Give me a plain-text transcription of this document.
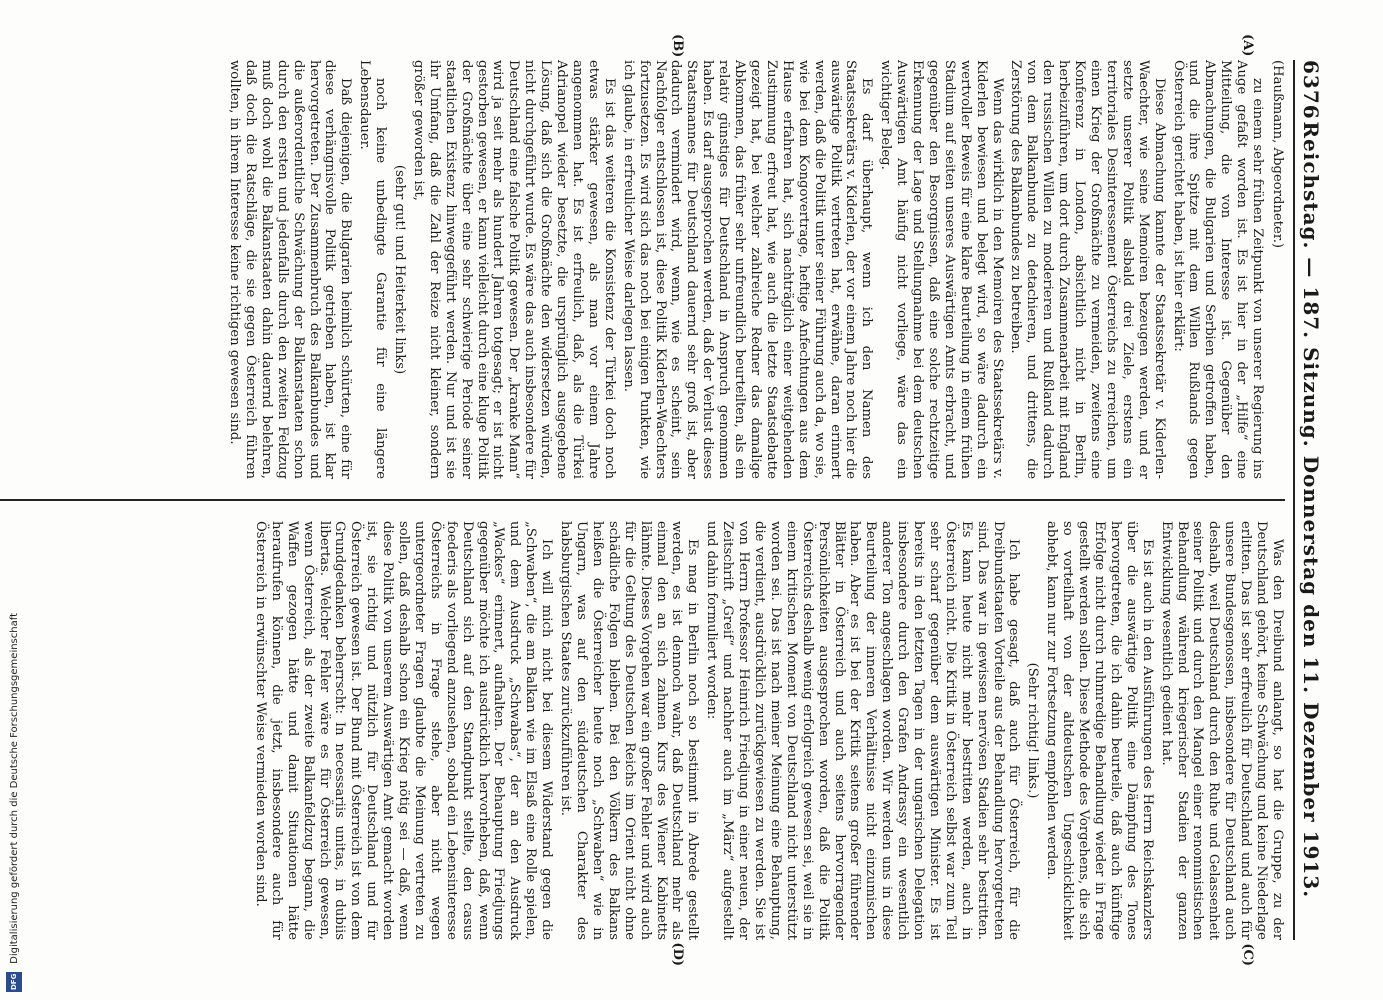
6376
Reichstag. — 187. Sitzung. Donnerstag den 11. Dezember 1913.
(A)
(B)
(Haußmann, Abgeordneter.)

zu einem sehr frühen Zeitpunkt von unserer Regierung ins Auge gefaßt worden ist. Es ist hier in der „Hilfe“ eine Mitteilung, die von Interesse ist. Gegenüber den Abmachungen, die Bulgarien und Serbien getroffen haben, und die ihre Spitze mit dem Willen Rußlands gegen Österreich gerichtet haben, ist hier erklärt:

Diese Abmachung kannte der Staatssekretär v. Kiderlen-Waechter, wie seine Memoiren bezeugen werden, und er setzte unserer Politik alsbald drei Ziele, erstens ein territoriales Desinteressement Österreichs zu erreichen, um einen Krieg der Großmächte zu vermeiden, zweitens eine Konferenz in London, absichtlich nicht in Berlin, herbeizuführen, um dort durch Zusammenarbeit mit England den russischen Willen zu moderieren und Rußland dadurch von dem Balkanbunde zu detachieren, und drittens, die Zerstörung des Balkanbundes zu betreiben.

Wenn das wirklich in den Memoiren des Staatssekretärs v. Kiderlen bewiesen und belegt wird, so wäre dadurch ein wertvoller Beweis für eine klare Beurteilung in einem frühen Stadium auf seiten unseres Auswärtigen Amts erbracht, und gegenüber den Besorgnissen, daß eine solche rechtzeitige Erkennung der Lage und Stellungnahme bei dem deutschen Auswärtigen Amt häufig nicht vorliege, wäre das ein wichtiger Beleg.

Es darf überhaupt, wenn ich den Namen des Staatssekretärs v. Kiderlen, der vor einem Jahre noch hier die auswärtige Politik vertreten hat, erwähne, daran erinnert werden, daß die Politik unter seiner Führung auch da, wo sie, wie bei dem Kongovertrage, heftige Anfechtungen aus dem Hause erfahren hat, sich nachträglich einer weitgehenden Zustimmung erfreut hat, wie auch die letzte Staatsdebatte gezeigt hat, bei welcher zahlreiche Redner das damalige Abkommen, das früher sehr unfreundlich beurteilten, als ein relativ günstiges für Deutschland in Anspruch genommen haben. Es darf ausgesprochen werden, daß der Verlust dieses Staatsmannes für Deutschland dauernd sehr groß ist, aber dadurch vermindert wird, wenn, wie es scheint, sein Nachfolger entschlossen ist, diese Politik Kiderlen-Waechters fortzusetzen. Es wird sich das noch bei einigen Punkten, wie ich glaube, in erfreulicher Weise darlegen lassen.

Es ist das weiteren die Konsistenz der Türkei doch noch etwas stärker gewesen, als man vor einem Jahre angenommen hat. Es ist erfreulich, daß, als die Türkei Adrianopel wieder besetzte, die ursprünglich ausgegebene Lösung, daß sich die Großmächte den widersetzen würden, nicht durchgeführt wurde. Es wäre das auch insbesondere für Deutschland eine falsche Politik gewesen. Der „kranke Mann“ wird ja seit mehr als hundert Jahren totgesagt; er ist nicht gestorben gewesen, er kann vielleicht durch eine kluge Politik der Großmächte über eine sehr schwierige Periode seiner staatlichen Existenz hinweggeführt werden. Nur und ist sie ihr Umfang, daß die Zahl der Reize nicht kleiner, sondern größer geworden ist,

(sehr gut! und Heiterkeit links)

noch keine unbedingte Garantie für eine längere Lebensdauer.

Daß diejenigen, die Bulgarien heimlich schürten, eine für diese verhängnisvolle Politik getrieben haben, ist klar hervorgetreten. Der Zusammenbruch des Balkanbundes und die außerordentliche Schwächung der Balkanstaaten schon durch den ersten und jedenfalls durch den zweiten Feldzug muß doch wohl die Balkanstaaten dahin dauernd belehren, daß doch die Ratschläge, die sie gegen Österreich führen wollten, in ihrem Interesse keine richtigen gewesen sind.

(C)
(D)

Was den Dreibund anlangt, so hat die Gruppe, zu der Deutschland gehört, keine Schwächung und keine Niederlage erlitten. Das ist sehr erfreulich für Deutschland und auch für unsere Bundesgenossen, insbesondere für Deutschland auch deshalb, weil Deutschland durch den Ruhe und Gelassenheit seiner Politik und durch den Mangel einer renommistischen Behandlung während kriegerischer Stadien der ganzen Entwicklung wesentlich gedient hat.

Es ist auch in den Ausführungen des Herrn Reichskanzlers über die auswärtige Politik eine Dämpfung des Tones hervorgetreten, die ich dahin beurteile, daß auch künftige Erfolge nicht durch ruhmredige Behandlung wieder in Frage gestellt werden sollen. Diese Methode des Vorgehens, die sich so vorteilhaft von der altdeutschen Ungeschicklichkeit abhebt, kann nur zur Fortsetzung empfohlen werden.

(Sehr richtig! links.)

Ich habe gesagt, daß auch für Österreich, für die Dreibundstaaten Vorteile aus der Behandlung hervorgetreten sind. Das war in gewissen nervösen Stadien sehr bestritten. Es kann heute nicht mehr bestritten werden, auch in Österreich nicht. Die Kritik in Österreich selbst war zum Teil sehr scharf gegenüber dem auswärtigen Minister. Es ist bereits in den letzten Tagen in der ungarischen Delegation insbesondere durch den Grafen Andrassy ein wesentlich anderer Ton angeschlagen worden. Wir werden uns in diese Beurteilung der inneren Verhältnisse nicht einzumischen haben. Aber es ist bei der Kritik seitens großer führender Blätter in Österreich und auch seitens hervorragender Persönlichkeiten ausgesprochen worden, daß die Politik Österreichs deshalb wenig erfolgreich gewesen sei, weil sie in einem kritischen Moment von Deutschland nicht unterstützt worden sei. Das ist nach meiner Meinung eine Behauptung, die verdient, ausdrücklich zurückgewiesen zu werden. Sie ist von Herrn Professor Heinrich Friedjung in einer neuen, der Zeitschrift „Greif“ und nachher auch im „März“ aufgestellt und dahin formuliert worden:

Es mag in Berlin noch so bestimmt in Abrede gestellt werden, es ist dennoch wahr, daß Deutschland mehr als einmal den an sich zahmen Kurs des Wiener Kabinetts lähmte. Dieses Vorgehen war ein großer Fehler und wird auch für die Geltung des Deutschen Reichs im Orient nicht ohne schädliche Folgen bleiben. Bei den Völkern des Balkans heißen die Österreicher heute noch „Schwaben“ wie in Ungarn, was auf den süddeutschen Charakter des habsburgischen Staates zurückzuführen ist.

Ich will mich nicht bei diesem Widerstand gegen die „Schwaben“, die am Balkan wie im Elsaß eine Rolle spielen, und dem Ausdruck „Schwabas“, der an den Ausdruck „Wackes“ erinnert, aufhalten. Der Behauptung Friedjungs gegenüber möchte ich ausdrücklich hervorheben, daß, wenn Deutschland sich auf den Standpunkt stellte, den casus foederis als vorliegend anzusehen, sobald ein Lebensinteresse Österreichs in Frage stehe, aber nicht wegen untergeordneter Fragen glaubte die Meinung vertreten zu sollen, daß deshalb schon ein Krieg nötig sei — daß, wenn diese Politik von unserem Auswärtigen Amt gemacht worden ist, sie richtig und nützlich für Deutschland und für Österreich gewesen ist. Der Bund mit Österreich ist von dem Grundgedanken beherrscht: In necessariis unitas, in dubiis libertas. Welcher Fehler wäre es für Österreich gewesen, wenn Österreich, als der zweite Balkanfeldzug begann, die Waffen gezogen hätte und damit Situationen hätte heraufrufen können, die jetzt, insbesondere auch für Österreich in erwünschter Weise vermieden worden sind.

DFG
Digitalisierung gefördert durch die Deutsche Forschungsgemeinschaft
